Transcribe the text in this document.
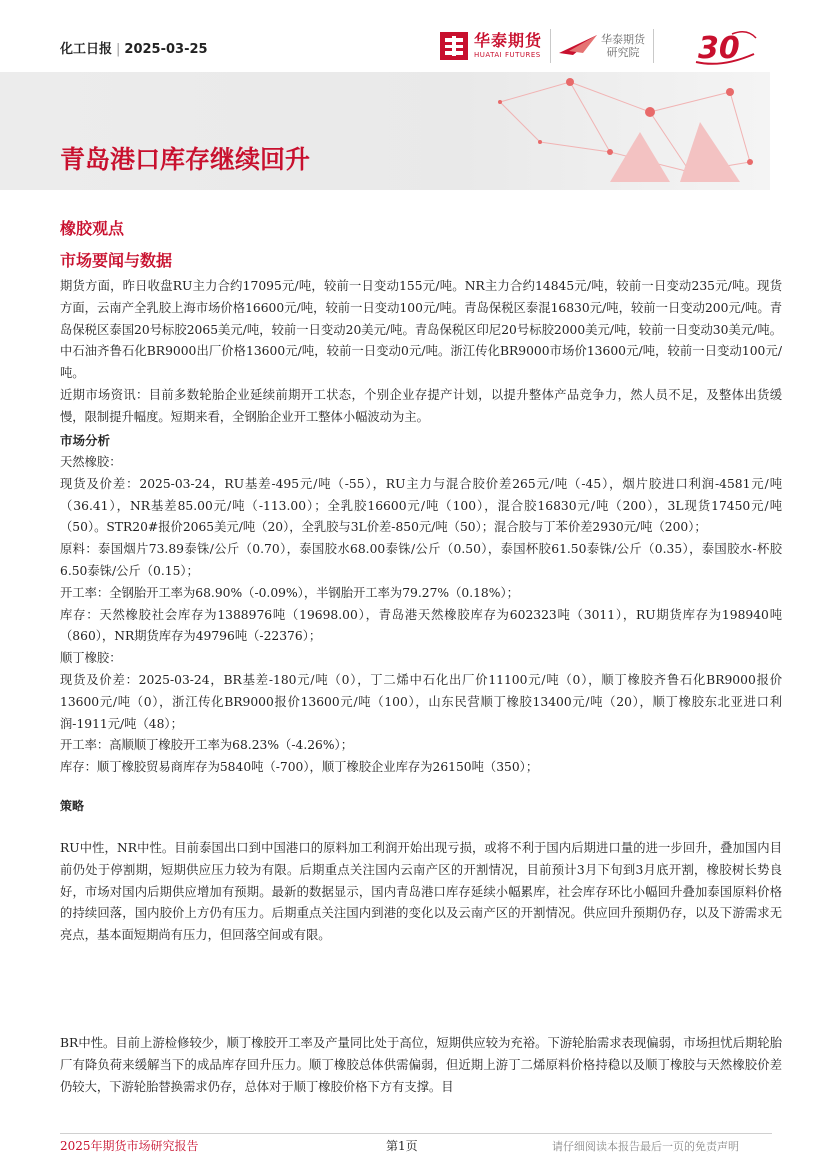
化工日报 | 2025-03-25	华泰期货
HUATAI FUTURES
华泰期货
研究院 30
青岛港口库存继续回升
橡胶观点
市场要闻与数据
期货方面，昨日收盘RU主力合约17095元/吨，较前一日变动155元/吨。NR主力合约14845元/吨，较前一日变动235元/吨。现货方面，云南产全乳胶上海市场价格16600元/吨，较前一日变动100元/吨。青岛保税区泰混16830元/吨，较前一日变动200元/吨。青岛保税区泰国20号标胶2065美元/吨，较前一日变动20美元/吨。青岛保税区印尼20号标胶2000美元/吨，较前一日变动30美元/吨。中石油齐鲁石化BR9000出厂价格13600元/吨，较前一日变动0元/吨。浙江传化BR9000市场价13600元/吨，较前一日变动100元/吨。
近期市场资讯：目前多数轮胎企业延续前期开工状态，个别企业存提产计划，以提升整体产品竞争力，然人员不足，及整体出货缓慢，限制提升幅度。短期来看，全钢胎企业开工整体小幅波动为主。
市场分析
天然橡胶：
现货及价差：2025-03-24，RU基差-495元/吨（-55），RU主力与混合胶价差265元/吨（-45），烟片胶进口利润-4581元/吨（36.41），NR基差85.00元/吨（-113.00）；全乳胶16600元/吨（100），混合胶16830元/吨（200），3L现货17450元/吨（50）。STR20#报价2065美元/吨（20），全乳胶与3L价差-850元/吨（50）；混合胶与丁苯价差2930元/吨（200）；
原料：泰国烟片73.89泰铢/公斤（0.70），泰国胶水68.00泰铢/公斤（0.50），泰国杯胶61.50泰铢/公斤（0.35），泰国胶水-杯胶6.50泰铢/公斤（0.15）；
开工率：全钢胎开工率为68.90%（-0.09%），半钢胎开工率为79.27%（0.18%）；
库存：天然橡胶社会库存为1388976吨（19698.00），青岛港天然橡胶库存为602323吨（3011），RU期货库存为198940吨（860），NR期货库存为49796吨（-22376）；
顺丁橡胶：
现货及价差：2025-03-24，BR基差-180元/吨（0），丁二烯中石化出厂价11100元/吨（0），顺丁橡胶齐鲁石化BR9000报价13600元/吨（0），浙江传化BR9000报价13600元/吨（100），山东民营顺丁橡胶13400元/吨（20），顺丁橡胶东北亚进口利润-1911元/吨（48）；
开工率：高顺顺丁橡胶开工率为68.23%（-4.26%）；
库存：顺丁橡胶贸易商库存为5840吨（-700），顺丁橡胶企业库存为26150吨（350）；
策略
RU中性，NR中性。目前泰国出口到中国港口的原料加工利润开始出现亏损，或将不利于国内后期进口量的进一步回升，叠加国内目前仍处于停割期，短期供应压力较为有限。后期重点关注国内云南产区的开割情况，目前预计3月下旬到3月底开割，橡胶树长势良好，市场对国内后期供应增加有预期。最新的数据显示，国内青岛港口库存延续小幅累库，社会库存环比小幅回升叠加泰国原料价格的持续回落，国内胶价上方仍有压力。后期重点关注国内到港的变化以及云南产区的开割情况。供应回升预期仍存，以及下游需求无亮点，基本面短期尚有压力，但回落空间或有限。
BR中性。目前上游检修较少，顺丁橡胶开工率及产量同比处于高位，短期供应较为充裕。下游轮胎需求表现偏弱，市场担忧后期轮胎厂有降负荷来缓解当下的成品库存回升压力。顺丁橡胶总体供需偏弱，但近期上游丁二烯原料价格持稳以及顺丁橡胶与天然橡胶价差仍较大，下游轮胎替换需求仍存，总体对于顺丁橡胶价格下方有支撑。目
2025年期货市场研究报告	第1页	请仔细阅读本报告最后一页的免责声明
